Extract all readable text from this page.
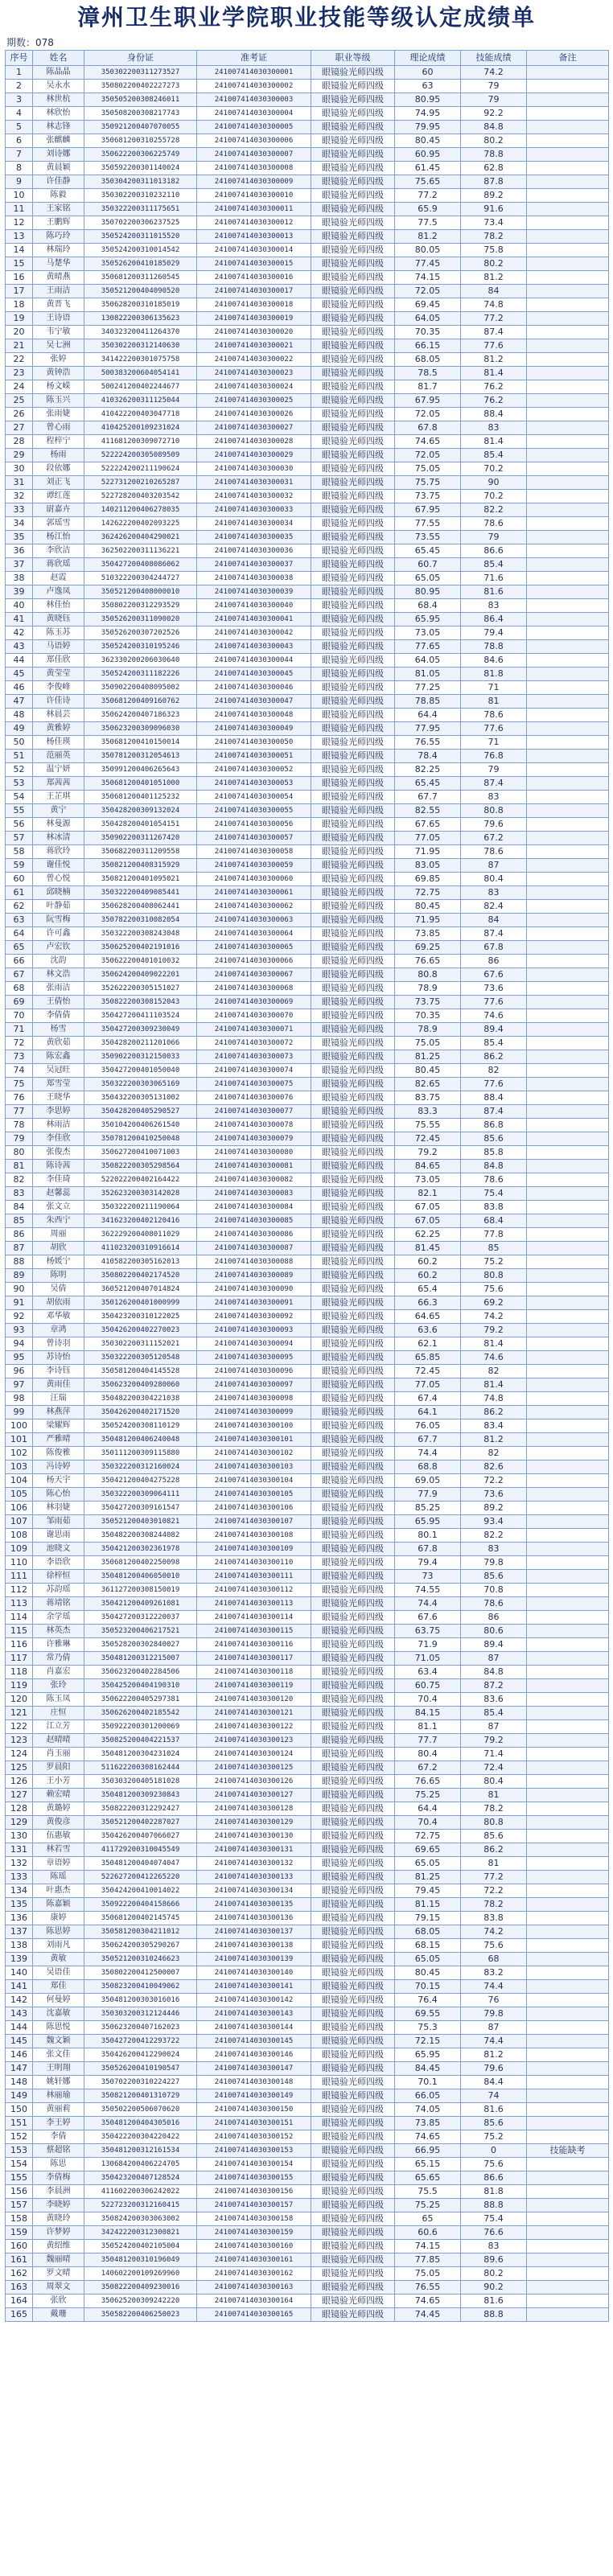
漳州卫生职业学院职业技能等级认定成绩单
期数：078
序号	姓名	身份证	准考证	职业等级	理论成绩	技能成绩	备注
1	陈晶晶	350302200311273527	241007414030300001	眼镜验光师四级	60	74.2	
2	吴永水	350802200402227273	241007414030300002	眼镜验光师四级	63	79	
3	林世杭	350505200308246011	241007414030300003	眼镜验光师四级	80.95	79	
4	林欣怡	350508200308217743	241007414030300004	眼镜验光师四级	74.95	92.2	
5	林志锋	350921200407070055	241007414030300005	眼镜验光师四级	79.95	84.8	
6	张麒麟	350681200310255728	241007414030300006	眼镜验光师四级	80.45	80.2	
7	刘诗娜	350622200306225749	241007414030300007	眼镜验光师四级	60.95	78.8	
8	黄晨颖	350592200301140024	241007414030300008	眼镜验光师四级	61.45	62.8	
9	许佳静	350304200311013182	241007414030300009	眼镜验光师四级	75.65	87.8	
10	陈毅	350302200310232110	241007414030300010	眼镜验光师四级	77.2	89.2	
11	王家铭	350322200311175651	241007414030300011	眼镜验光师四级	65.9	91.6	
12	王鹏辉	350702200306237525	241007414030300012	眼镜验光师四级	77.5	73.4	
13	陈巧玲	350524200311015520	241007414030300013	眼镜验光师四级	81.2	78.2	
14	林瑞玲	350524200310014542	241007414030300014	眼镜验光师四级	80.05	75.8	
15	马楚华	350526200410185029	241007414030300015	眼镜验光师四级	77.45	80.2	
16	黄晴燕	350681200311260545	241007414030300016	眼镜验光师四级	74.15	81.2	
17	王雨洁	350521200404090520	241007414030300017	眼镜验光师四级	72.05	84	
18	黄晋飞	350628200310185019	241007414030300018	眼镜验光师四级	69.45	74.8	
19	王诗语	130822200306135623	241007414030300019	眼镜验光师四级	64.05	77.2	
20	韦宁敏	340323200411264370	241007414030300020	眼镜验光师四级	70.35	87.4	
21	吴七洲	350302200312140630	241007414030300021	眼镜验光师四级	66.15	77.6	
22	张婷	341422200301075758	241007414030300022	眼镜验光师四级	68.05	81.2	
23	黄钟浩	500383200604054141	241007414030300023	眼镜验光师四级	78.5	81.4	
24	杨文嵘	500241200402244677	241007414030300024	眼镜验光师四级	81.7	76.2	
25	陈玉兴	410326200311125044	241007414030300025	眼镜验光师四级	67.95	76.2	
26	张雨婕	410422200403047718	241007414030300026	眼镜验光师四级	72.05	88.4	
27	曾心雨	410425200109231024	241007414030300027	眼镜验光师四级	67.8	83	
28	程梓宁	411681200309072710	241007414030300028	眼镜验光师四级	74.65	81.4	
29	杨雨	522224200305089509	241007414030300029	眼镜验光师四级	72.05	85.4	
30	段依娜	522224200211190624	241007414030300030	眼镜验光师四级	75.05	70.2	
31	刘正飞	522731200210265287	241007414030300031	眼镜验光师四级	75.75	90	
32	谭红莲	522728200403203542	241007414030300032	眼镜验光师四级	73.75	70.2	
33	尉嘉卉	140211200406278035	241007414030300033	眼镜验光师四级	67.95	82.2	
34	郭瑶雪	142622200402093225	241007414030300034	眼镜验光师四级	77.55	78.6	
35	杨江怡	362426200404290021	241007414030300035	眼镜验光师四级	73.55	79	
36	李欣洁	362502200311136221	241007414030300036	眼镜验光师四级	65.45	86.6	
37	蒋欣瑶	350427200408086062	241007414030300037	眼镜验光师四级	60.7	85.4	
38	赵霞	510322200304244727	241007414030300038	眼镜验光师四级	65.05	71.6	
39	卢逸凤	350521200408000010	241007414030300039	眼镜验光师四级	80.95	81.6	
40	林佳怡	350802200312293529	241007414030300040	眼镜验光师四级	68.4	83	
41	黄晓钰	350526200311090020	241007414030300041	眼镜验光师四级	65.95	86.4	
42	陈玉苏	350526200307202526	241007414030300042	眼镜验光师四级	73.05	79.4	
43	马语婷	350524200310195246	241007414030300043	眼镜验光师四级	77.65	78.8	
44	郑佳欣	362330200206030640	241007414030300044	眼镜验光师四级	64.05	84.6	
45	黄莹莹	350524200311182226	241007414030300045	眼镜验光师四级	81.05	81.8	
46	李俊峰	350902200408095002	241007414030300046	眼镜验光师四级	77.25	71	
47	许佳诗	350681200409160762	241007414030300047	眼镜验光师四级	78.85	81	
48	林晨芸	350624200407186323	241007414030300048	眼镜验光师四级	64.4	78.6	
49	黄雅婷	350623200309096030	241007414030300049	眼镜验光师四级	77.95	77.6	
50	杨佳瑛	350681200410150014	241007414030300050	眼镜验光师四级	76.55	71	
51	范丽英	350781200312054613	241007414030300051	眼镜验光师四级	78.4	76.8	
52	温宁妍	350991200406265643	241007414030300052	眼镜验光师四级	82.25	79	
53	郑茜茜	350681200401051000	241007414030300053	眼镜验光师四级	65.45	87.4	
54	王芷琪	350681200401125232	241007414030300054	眼镜验光师四级	67.7	83	
55	黄宁	350428200309132024	241007414030300055	眼镜验光师四级	82.55	80.8	
56	林曼源	350428200401054151	241007414030300056	眼镜验光师四级	67.65	79.6	
57	林冰清	350902200311267420	241007414030300057	眼镜验光师四级	77.05	67.2	
58	蒋欣玲	350682200311209558	241007414030300058	眼镜验光师四级	71.95	78.6	
59	谢佳悦	350821200408315929	241007414030300059	眼镜验光师四级	83.05	87	
60	曾心悦	350821200401095021	241007414030300060	眼镜验光师四级	69.85	80.4	
61	邱晓楠	350322200409085441	241007414030300061	眼镜验光师四级	72.75	83	
62	叶静茹	350628200408062441	241007414030300062	眼镜验光师四级	80.45	82.4	
63	阮雪梅	350782200310082054	241007414030300063	眼镜验光师四级	71.95	84	
64	许可鑫	350322200308243048	241007414030300064	眼镜验光师四级	73.85	87.4	
65	卢宏钦	350625200402191016	241007414030300065	眼镜验光师四级	69.25	67.8	
66	沈韵	350622200401010032	241007414030300066	眼镜验光师四级	76.65	86	
67	林文浩	350624200409022201	241007414030300067	眼镜验光师四级	80.8	67.6	
68	张雨洁	352622200305151027	241007414030300068	眼镜验光师四级	78.9	73.6	
69	王倩怡	350822200308152043	241007414030300069	眼镜验光师四级	73.75	77.6	
70	李倩倩	350427200411103524	241007414030300070	眼镜验光师四级	70.35	74.6	
71	杨雪	350427200309230049	241007414030300071	眼镜验光师四级	78.9	89.4	
72	黄欣茹	350428200211201066	241007414030300072	眼镜验光师四级	75.05	85.4	
73	陈宏鑫	350902200312150033	241007414030300073	眼镜验光师四级	81.25	86.2	
74	吴冠旺	350427200401050040	241007414030300074	眼镜验光师四级	80.45	82	
75	郑雪莹	350322200303065169	241007414030300075	眼镜验光师四级	82.65	77.6	
76	王晓华	350432200305131002	241007414030300076	眼镜验光师四级	83.75	88.4	
77	李思婷	350428200405290527	241007414030300077	眼镜验光师四级	83.3	87.4	
78	林雨洁	350104200406261540	241007414030300078	眼镜验光师四级	75.55	86.8	
79	李佳欣	350781200410250048	241007414030300079	眼镜验光师四级	72.45	85.6	
80	张俊杰	350627200410071003	241007414030300080	眼镜验光师四级	79.2	85.8	
81	陈诗茜	350822200305298564	241007414030300081	眼镜验光师四级	84.65	84.8	
82	李佳琦	522022200402164422	241007414030300082	眼镜验光师四级	73.05	78.6	
83	赵馨蕊	352623200303142028	241007414030300083	眼镜验光师四级	82.1	75.4	
84	张文立	350322200211190064	241007414030300084	眼镜验光师四级	67.05	83.8	
85	朱西宁	341623200402120416	241007414030300085	眼镜验光师四级	67.05	68.4	
86	周丽	362229200408011029	241007414030300086	眼镜验光师四级	62.25	77.8	
87	胡欣	411023200310916614	241007414030300087	眼镜验光师四级	81.45	85	
88	杨媛宁	410582200305162013	241007414030300088	眼镜验光师四级	60.2	75.2	
89	陈明	350802200402174520	241007414030300089	眼镜验光师四级	60.2	80.8	
90	吴倩	360521200407014824	241007414030300090	眼镜验光师四级	65.4	75.6	
91	胡依雨	350126200401000999	241007414030300091	眼镜验光师四级	66.3	69.2	
92	邓华敏	350423200310122025	241007414030300092	眼镜验光师四级	64.65	74.2	
93	章鸿	350426200402270023	241007414030300093	眼镜验光师四级	63.6	79.2	
94	曾诗羽	350302200311152021	241007414030300094	眼镜验光师四级	62.1	81.4	
95	苏诗怡	350322200305120548	241007414030300095	眼镜验光师四级	65.85	74.6	
96	李诗钰	350581200404145528	241007414030300096	眼镜验光师四级	72.45	82	
97	黄雨佳	350623200409280060	241007414030300097	眼镜验光师四级	77.05	81.4	
98	汪瑞	350482200304221038	241007414030300098	眼镜验光师四级	67.4	74.8	
99	林燕萍	350426200402171520	241007414030300099	眼镜验光师四级	64.1	86.2	
100	梁耀辉	350524200308110129	241007414030300100	眼镜验光师四级	76.05	83.4	
101	严雅晴	350481200406240048	241007414030300101	眼镜验光师四级	67.7	81.2	
102	陈俊雅	350111200309115880	241007414030300102	眼镜验光师四级	74.4	82	
103	冯诗婷	350322200312160024	241007414030300103	眼镜验光师四级	68.8	82.6	
104	杨天宇	350421200404275228	241007414030300104	眼镜验光师四级	69.05	72.2	
105	陈心怡	350322200309064111	241007414030300105	眼镜验光师四级	77.9	73.6	
106	林羽婕	350427200309161547	241007414030300106	眼镜验光师四级	85.25	89.2	
107	邹雨茹	350521200403010821	241007414030300107	眼镜验光师四级	65.95	93.4	
108	谢思雨	350482200308244082	241007414030300108	眼镜验光师四级	80.1	82.2	
109	池晓文	350421200302361978	241007414030300109	眼镜验光师四级	67.8	83	
110	李语欣	350681200402250098	241007414030300110	眼镜验光师四级	79.4	79.8	
111	徐梓恒	350481200406050010	241007414030300111	眼镜验光师四级	73	85.6	
112	苏韵瑶	361127200308150019	241007414030300112	眼镜验光师四级	74.55	70.8	
113	蒋靖铭	350421200409261081	241007414030300113	眼镜验光师四级	74.4	78.6	
114	余学瑶	350427200312220037	241007414030300114	眼镜验光师四级	67.6	86	
115	林英杰	350523200406217521	241007414030300115	眼镜验光师四级	63.75	80.6	
116	许雅琳	350528200302840027	241007414030300116	眼镜验光师四级	71.9	89.4	
117	常乃倩	350481200312215007	241007414030300117	眼镜验光师四级	71.05	87	
118	肖嘉宏	350623200402284506	241007414030300118	眼镜验光师四级	63.4	84.8	
119	张玲	350425200404190310	241007414030300119	眼镜验光师四级	60.75	87.2	
120	陈玉凤	350622200405297381	241007414030300120	眼镜验光师四级	70.4	83.6	
121	庄恒	350626200402185542	241007414030300121	眼镜验光师四级	84.15	85.4	
122	江立芳	350922200301200069	241007414030300122	眼镜验光师四级	81.1	87	
123	赵晴晴	350825200404221537	241007414030300123	眼镜验光师四级	77.7	79.2	
124	肖玉丽	350481200304231024	241007414030300124	眼镜验光师四级	80.4	71.4	
125	罗晨阳	511622200308162444	241007414030300125	眼镜验光师四级	67.2	72.4	
126	王小芳	350303200405181028	241007414030300126	眼镜验光师四级	76.65	80.4	
127	赖宏晴	350481200309230843	241007414030300127	眼镜验光师四级	75.25	81	
128	黄璐婷	350822200312292427	241007414030300128	眼镜验光师四级	64.4	78.2	
129	黄俊彦	350521200402287027	241007414030300129	眼镜验光师四级	70.4	80.8	
130	伍惠敏	350426200407066027	241007414030300130	眼镜验光师四级	72.75	85.6	
131	林若雪	411729200310045549	241007414030300131	眼镜验光师四级	69.65	86.2	
132	章语婷	350481200404074047	241007414030300132	眼镜验光师四级	65.05	81	
133	陈瑶	522627200412265220	241007414030300133	眼镜验光师四级	81.25	77.2	
134	叶惠杰	350424200410014022	241007414030300134	眼镜验光师四级	79.45	72.2	
135	陈嘉颖	350922200404158666	241007414030300135	眼镜验光师四级	81.15	78.2	
136	康婷	350681200402145745	241007414030300136	眼镜验光师四级	79.15	83.8	
137	陈思婷	350581200304211012	241007414030300137	眼镜验光师四级	68.05	74.2	
138	刘雨凡	350624200305290267	241007414030300138	眼镜验光师四级	68.15	75.6	
139	黄敏	350521200310246623	241007414030300139	眼镜验光师四级	65.05	68	
140	吴语佳	350802200412500007	241007414030300140	眼镜验光师四级	80.45	83.2	
141	郑佳	350823200410049062	241007414030300141	眼镜验光师四级	70.15	74.4	
142	何曼婷	350481200303016016	241007414030300142	眼镜验光师四级	76.4	76	
143	沈嘉敏	350303200312124446	241007414030300143	眼镜验光师四级	69.55	79.8	
144	陈思悦	350623200407162023	241007414030300144	眼镜验光师四级	75.3	87	
145	魏文颖	350427200412293722	241007414030300145	眼镜验光师四级	72.15	74.4	
146	张文佳	350426200412290024	241007414030300146	眼镜验光师四级	65.95	81.2	
147	王明翔	350526200410190547	241007414030300147	眼镜验光师四级	84.45	79.6	
148	姚轩娜	350702200310224227	241007414030300148	眼镜验光师四级	70.1	84.4	
149	林丽瑜	350821200401310729	241007414030300149	眼镜验光师四级	66.05	74	
150	黄丽莉	350502200506070620	241007414030300150	眼镜验光师四级	74.05	81.6	
151	李王婷	350481200404305016	241007414030300151	眼镜验光师四级	73.85	85.6	
152	李倩	350422200304220422	241007414030300152	眼镜验光师四级	74.65	75.2	
153	蔡超铭	350481200312161534	241007414030300153	眼镜验光师四级	66.95	0	技能缺考
154	陈思	130684200406224705	241007414030300154	眼镜验光师四级	65.15	75.6	
155	李倩梅	350423200407128524	241007414030300155	眼镜验光师四级	65.65	86.6	
156	李晨洲	411602200306242022	241007414030300156	眼镜验光师四级	75.5	81.8	
157	李晓婷	522723200312160415	241007414030300157	眼镜验光师四级	75.25	88.8	
158	黄晓玲	350824200303063002	241007414030300158	眼镜验光师四级	65	75.4	
159	许梦婷	342422200312300821	241007414030300159	眼镜验光师四级	60.6	76.6	
160	黄绍维	350524200402105004	241007414030300160	眼镜验光师四级	74.15	83	
161	魏丽晴	350481200310196049	241007414030300161	眼镜验光师四级	77.85	89.6	
162	罗文晴	140602200109269960	241007414030300162	眼镜验光师四级	75.05	80.2	
163	周翠文	350822200409230016	241007414030300163	眼镜验光师四级	76.55	90.2	
164	张欣	350625200309242220	241007414030300164	眼镜验光师四级	74.65	81.6	
165	戴珊	350582200406250023	241007414030300165	眼镜验光师四级	74.45	88.8	
